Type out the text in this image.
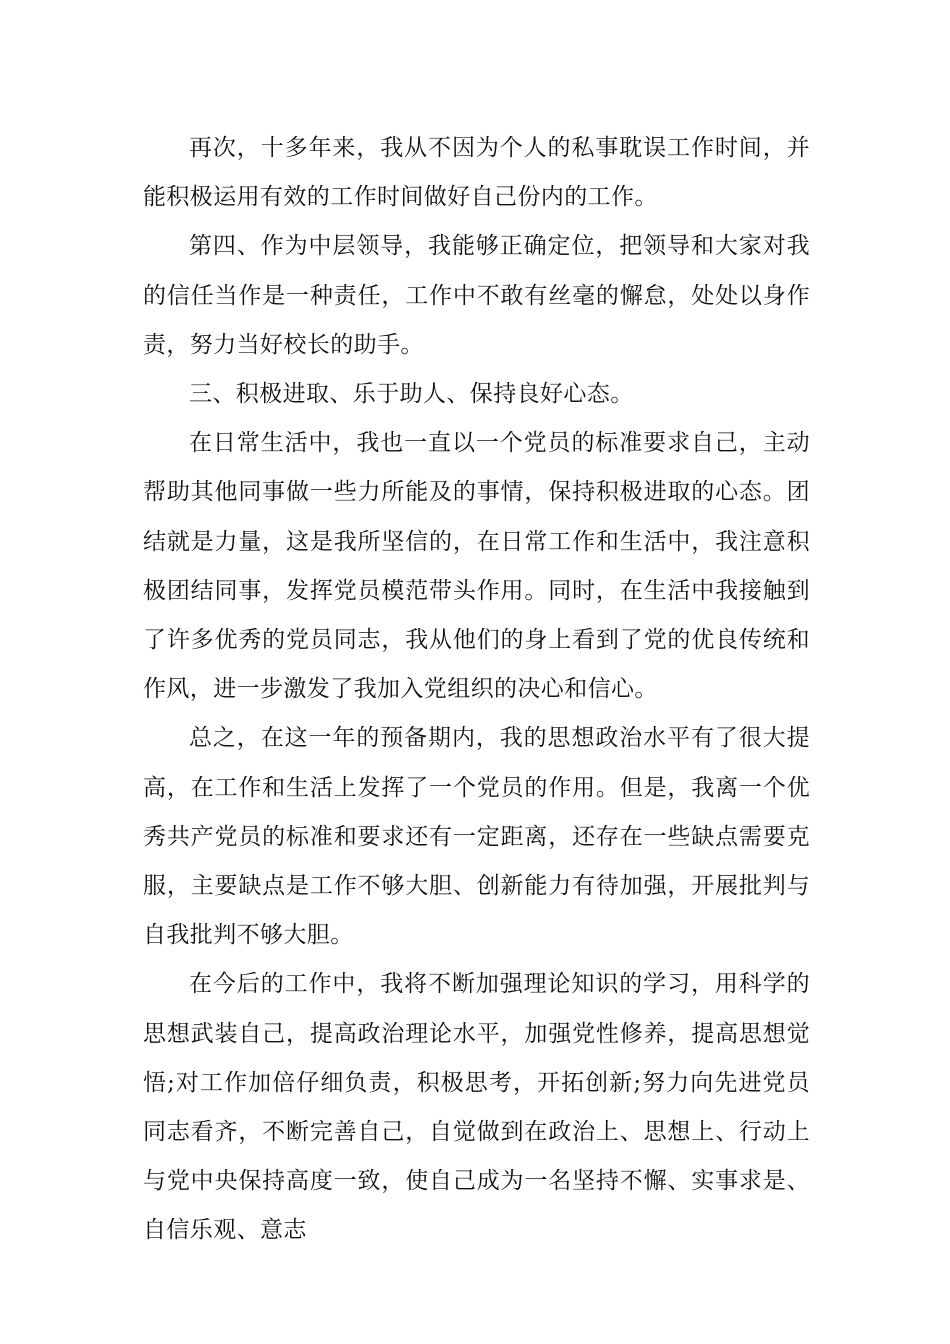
再次，十多年来，我从不因为个人的私事耽误工作时间，并能积极运用有效的工作时间做好自己份内的工作。

第四、作为中层领导，我能够正确定位，把领导和大家对我的信任当作是一种责任，工作中不敢有丝毫的懈怠，处处以身作责，努力当好校长的助手。

三、积极进取、乐于助人、保持良好心态。

在日常生活中，我也一直以一个党员的标准要求自己，主动帮助其他同事做一些力所能及的事情，保持积极进取的心态。团结就是力量，这是我所坚信的，在日常工作和生活中，我注意积极团结同事，发挥党员模范带头作用。同时，在生活中我接触到了许多优秀的党员同志，我从他们的身上看到了党的优良传统和作风，进一步激发了我加入党组织的决心和信心。

总之，在这一年的预备期内，我的思想政治水平有了很大提高，在工作和生活上发挥了一个党员的作用。但是，我离一个优秀共产党员的标准和要求还有一定距离，还存在一些缺点需要克服，主要缺点是工作不够大胆、创新能力有待加强，开展批判与自我批判不够大胆。

在今后的工作中，我将不断加强理论知识的学习，用科学的思想武装自己，提高政治理论水平，加强党性修养，提高思想觉悟;对工作加倍仔细负责，积极思考，开拓创新;努力向先进党员同志看齐，不断完善自己，自觉做到在政治上、思想上、行动上与党中央保持高度一致，使自己成为一名坚持不懈、实事求是、自信乐观、意志
